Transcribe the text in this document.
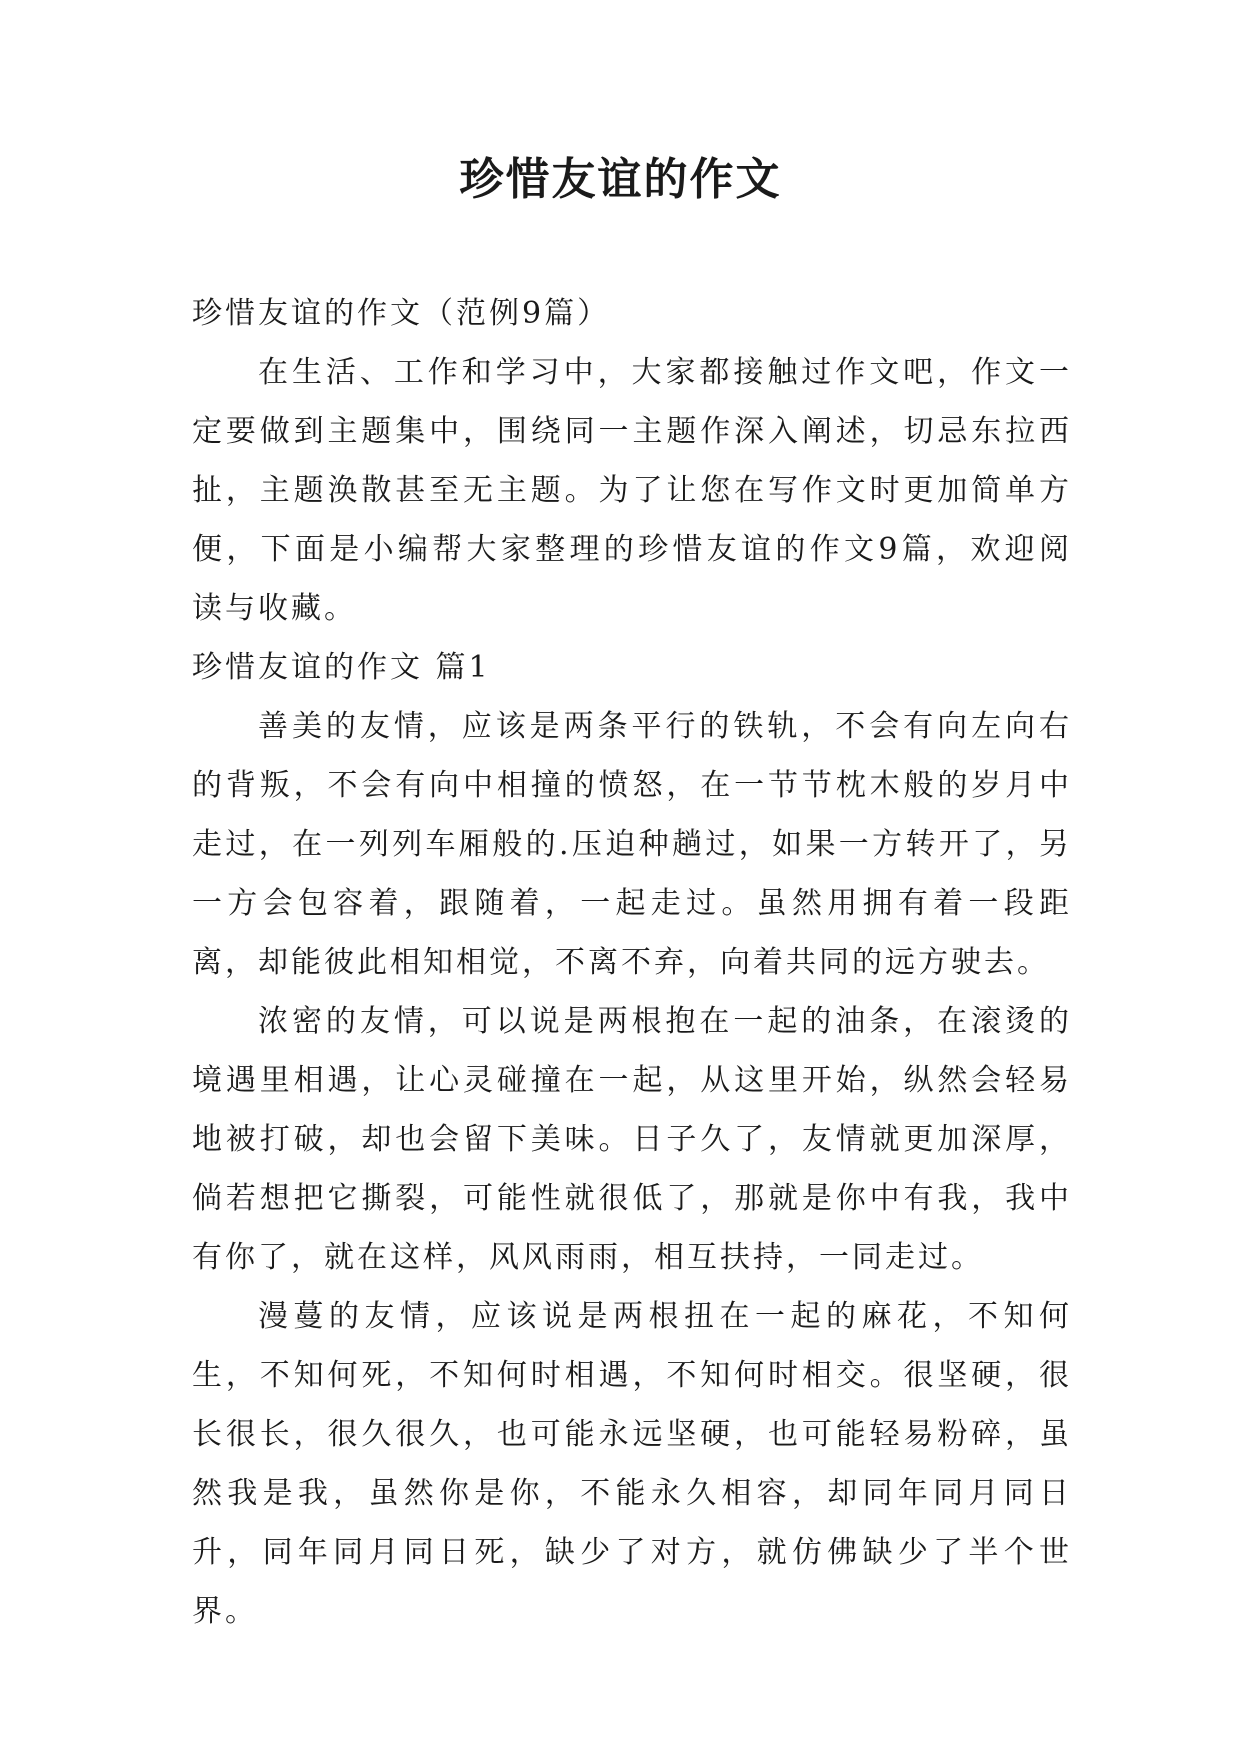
珍惜友谊的作文

珍惜友谊的作文（范例9篇）

在生活、工作和学习中，大家都接触过作文吧，作文一定要做到主题集中，围绕同一主题作深入阐述，切忌东拉西扯，主题涣散甚至无主题。为了让您在写作文时更加简单方便，下面是小编帮大家整理的珍惜友谊的作文9篇，欢迎阅读与收藏。

珍惜友谊的作文 篇1

善美的友情，应该是两条平行的铁轨，不会有向左向右的背叛，不会有向中相撞的愤怒，在一节节枕木般的岁月中走过，在一列列车厢般的.压迫种趟过，如果一方转开了，另一方会包容着，跟随着，一起走过。虽然用拥有着一段距离，却能彼此相知相觉，不离不弃，向着共同的远方驶去。

浓密的友情，可以说是两根抱在一起的油条，在滚烫的境遇里相遇，让心灵碰撞在一起，从这里开始，纵然会轻易地被打破，却也会留下美味。日子久了，友情就更加深厚，倘若想把它撕裂，可能性就很低了，那就是你中有我，我中有你了，就在这样，风风雨雨，相互扶持，一同走过。

漫蔓的友情，应该说是两根扭在一起的麻花，不知何生，不知何死，不知何时相遇，不知何时相交。很坚硬，很长很长，很久很久，也可能永远坚硬，也可能轻易粉碎，虽然我是我，虽然你是你，不能永久相容，却同年同月同日升，同年同月同日死，缺少了对方，就仿佛缺少了半个世界。
